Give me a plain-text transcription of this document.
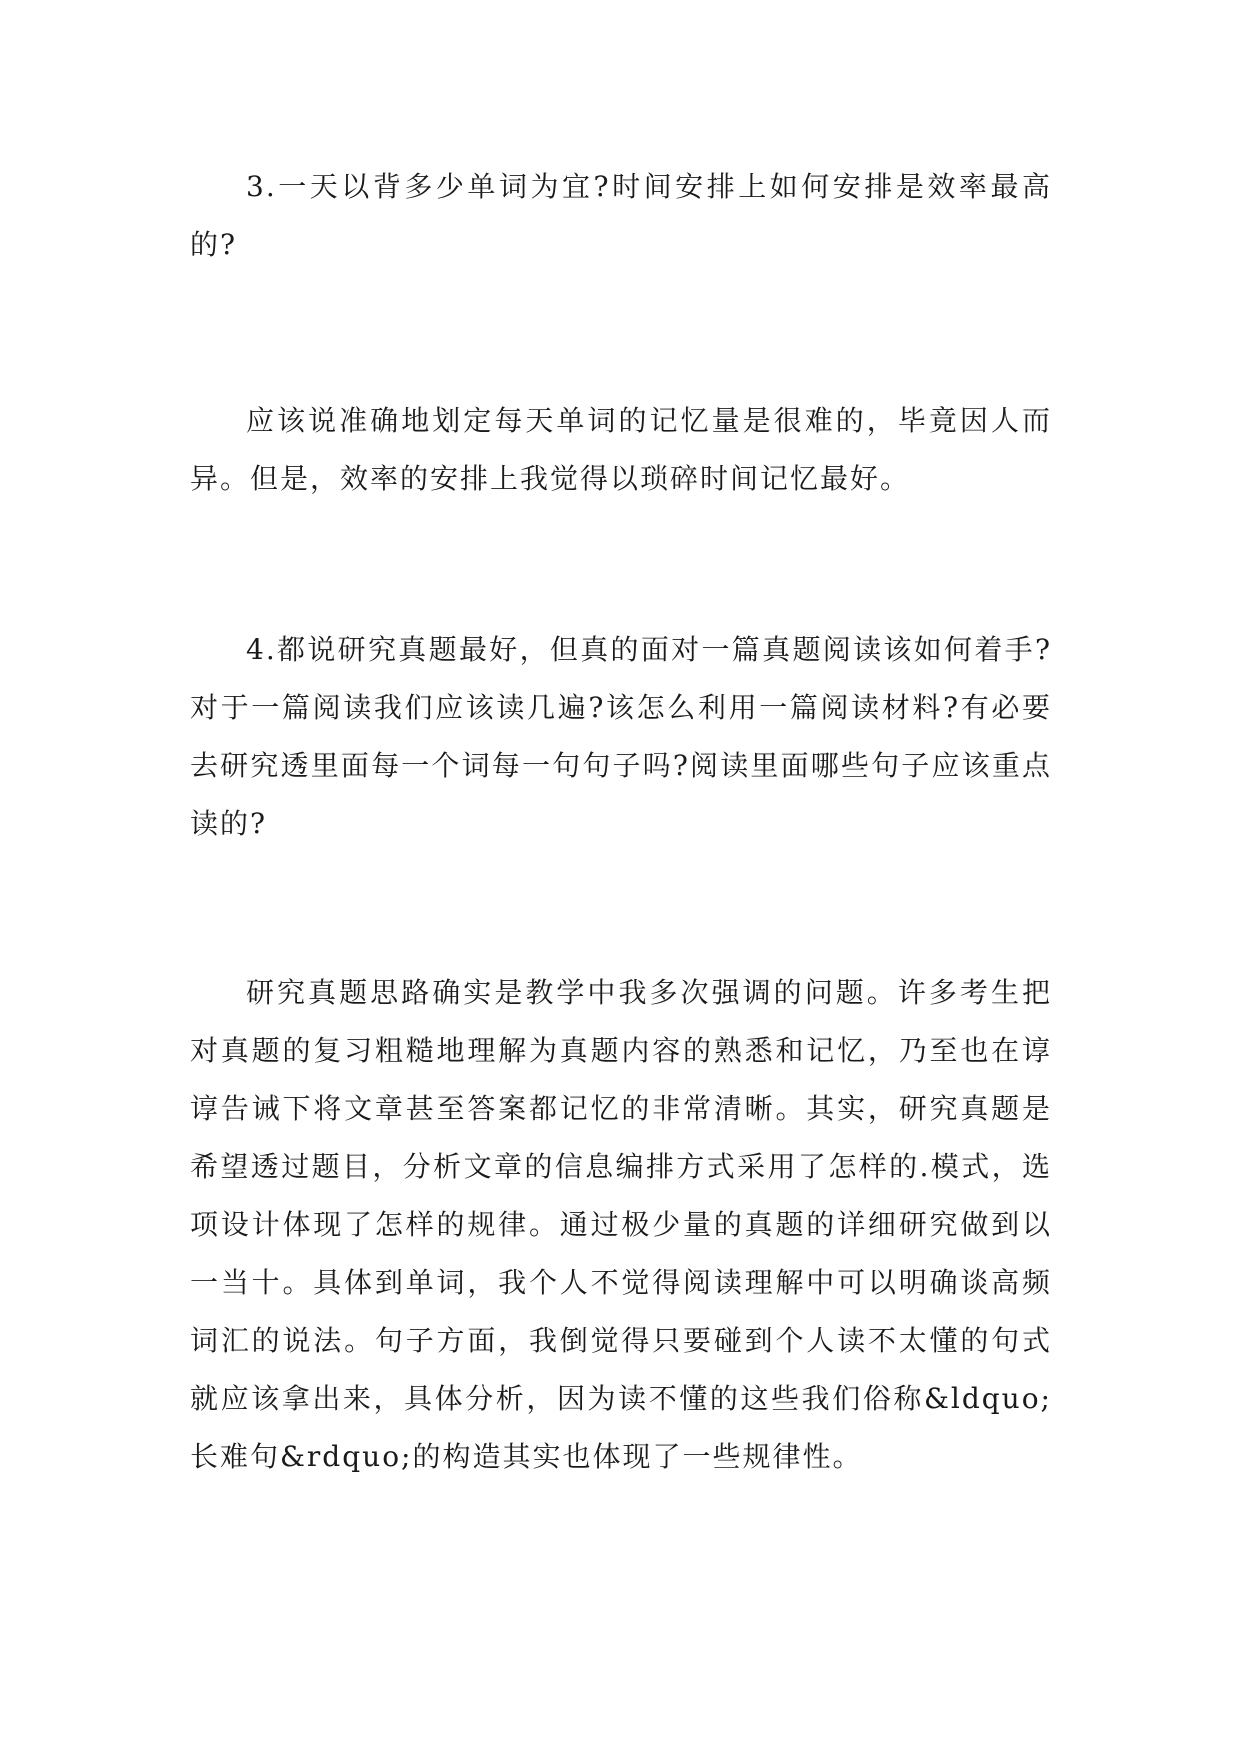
3.一天以背多少单词为宜?时间安排上如何安排是效率最高的?

应该说准确地划定每天单词的记忆量是很难的，毕竟因人而异。但是，效率的安排上我觉得以琐碎时间记忆最好。

4.都说研究真题最好，但真的面对一篇真题阅读该如何着手?对于一篇阅读我们应该读几遍?该怎么利用一篇阅读材料?有必要去研究透里面每一个词每一句句子吗?阅读里面哪些句子应该重点读的?

研究真题思路确实是教学中我多次强调的问题。许多考生把对真题的复习粗糙地理解为真题内容的熟悉和记忆，乃至也在谆谆告诫下将文章甚至答案都记忆的非常清晰。其实，研究真题是希望透过题目，分析文章的信息编排方式采用了怎样的.模式，选项设计体现了怎样的规律。通过极少量的真题的详细研究做到以一当十。具体到单词，我个人不觉得阅读理解中可以明确谈高频词汇的说法。句子方面，我倒觉得只要碰到个人读不太懂的句式就应该拿出来，具体分析，因为读不懂的这些我们俗称&ldquo;长难句&rdquo;的构造其实也体现了一些规律性。
